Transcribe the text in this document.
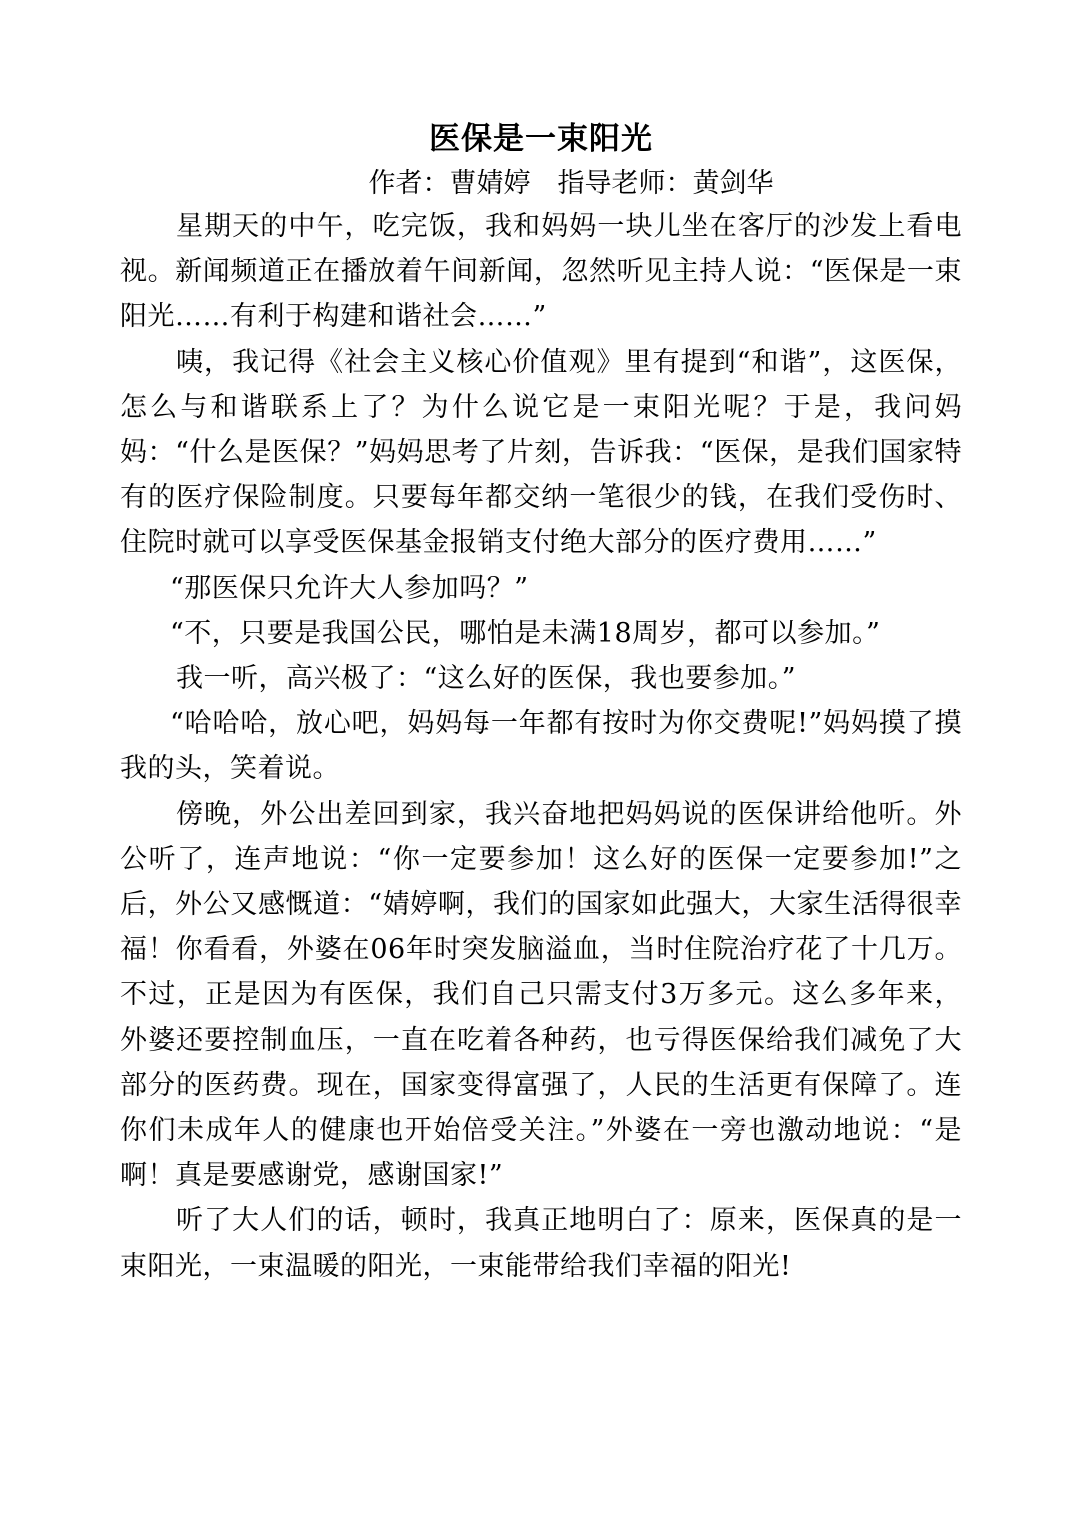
医保是一束阳光

作者：曹婧婷　指导老师：黄剑华

星期天的中午，吃完饭，我和妈妈一块儿坐在客厅的沙发上看电视。新闻频道正在播放着午间新闻，忽然听见主持人说：“医保是一束阳光……有利于构建和谐社会……”

咦，我记得《社会主义核心价值观》里有提到“和谐”，这医保，怎么与和谐联系上了？为什么说它是一束阳光呢？于是，我问妈妈：“什么是医保？”妈妈思考了片刻，告诉我：“医保，是我们国家特有的医疗保险制度。只要每年都交纳一笔很少的钱，在我们受伤时、住院时就可以享受医保基金报销支付绝大部分的医疗费用……”

“那医保只允许大人参加吗？”

“不，只要是我国公民，哪怕是未满18周岁，都可以参加。”

我一听，高兴极了：“这么好的医保，我也要参加。”

“哈哈哈，放心吧，妈妈每一年都有按时为你交费呢!”妈妈摸了摸我的头，笑着说。

傍晚，外公出差回到家，我兴奋地把妈妈说的医保讲给他听。外公听了，连声地说：“你一定要参加！这么好的医保一定要参加!”之后，外公又感慨道：“婧婷啊，我们的国家如此强大，大家生活得很幸福！你看看，外婆在06年时突发脑溢血，当时住院治疗花了十几万。不过，正是因为有医保，我们自己只需支付3万多元。这么多年来，外婆还要控制血压，一直在吃着各种药，也亏得医保给我们减免了大部分的医药费。现在，国家变得富强了，人民的生活更有保障了。连你们未成年人的健康也开始倍受关注。”外婆在一旁也激动地说：“是啊！真是要感谢党，感谢国家!”

听了大人们的话，顿时，我真正地明白了：原来，医保真的是一束阳光，一束温暖的阳光，一束能带给我们幸福的阳光!
